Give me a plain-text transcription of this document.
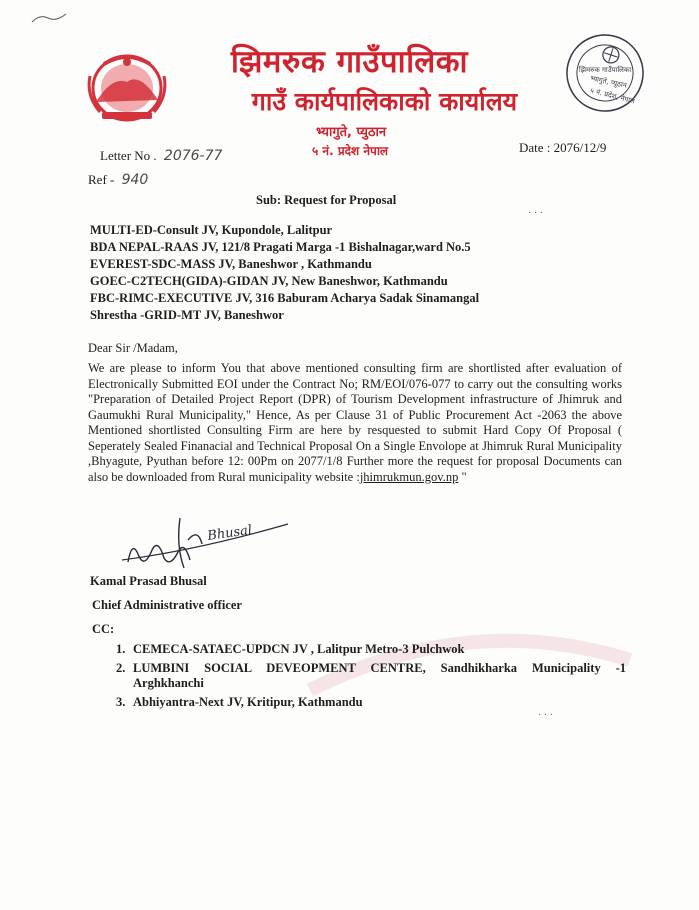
झिमरुक गाउँपालिका
गाउँ कार्यपालिकाको कार्यालय
भ्यागुते, प्युठान
५ नं. प्रदेश नेपाल
झिमरुक गाउँपालिका
भ्यागुते, प्युठान
५ नं. प्रदेश, नेपाल
Letter No . 2076-77
Date : 2076/12/9
Ref - 940
· · ·
Sub: Request for Proposal
MULTI-ED-Consult JV, Kupondole, Lalitpur
BDA NEPAL-RAAS JV, 121/8 Pragati Marga -1 Bishalnagar,ward No.5
EVEREST-SDC-MASS JV, Baneshwor , Kathmandu
GOEC-C2TECH(GIDA)-GIDAN JV, New Baneshwor, Kathmandu
FBC-RIMC-EXECUTIVE JV, 316 Baburam Acharya Sadak Sinamangal
Shrestha -GRID-MT JV, Baneshwor
Dear Sir /Madam,
We are please to inform You that above mentioned consulting firm are shortlisted after evaluation of Electronically Submitted EOI under the Contract No; RM/EOI/076-077 to carry out the consulting works "Preparation of Detailed Project Report (DPR) of Tourism Development infrastructure of Jhimruk and Gaumukhi Rural Municipality," Hence, As per Clause 31 of Public Procurement Act -2063 the above Mentioned shortlisted Consulting Firm are here by resquested to submit Hard Copy Of Proposal ( Seperately Sealed Finanacial and Technical Proposal On a Single Envolope at Jhimruk Rural Municipality ,Bhyagute, Pyuthan before 12: 00Pm on 2077/1/8 Further more the request for proposal Documents can also be downloaded from Rural municipality website :jhimrukmun.gov.np "
Bhusal
Kamal Prasad Bhusal
Chief Administrative officer
CC:
1. CEMECA-SATAEC-UPDCN JV , Lalitpur Metro-3 Pulchwok
2. LUMBINI SOCIAL DEVEOPMENT CENTRE, Sandhikharka Municipality -1
Arghkhanchi
3. Abhiyantra-Next JV, Kritipur, Kathmandu
· · ·
